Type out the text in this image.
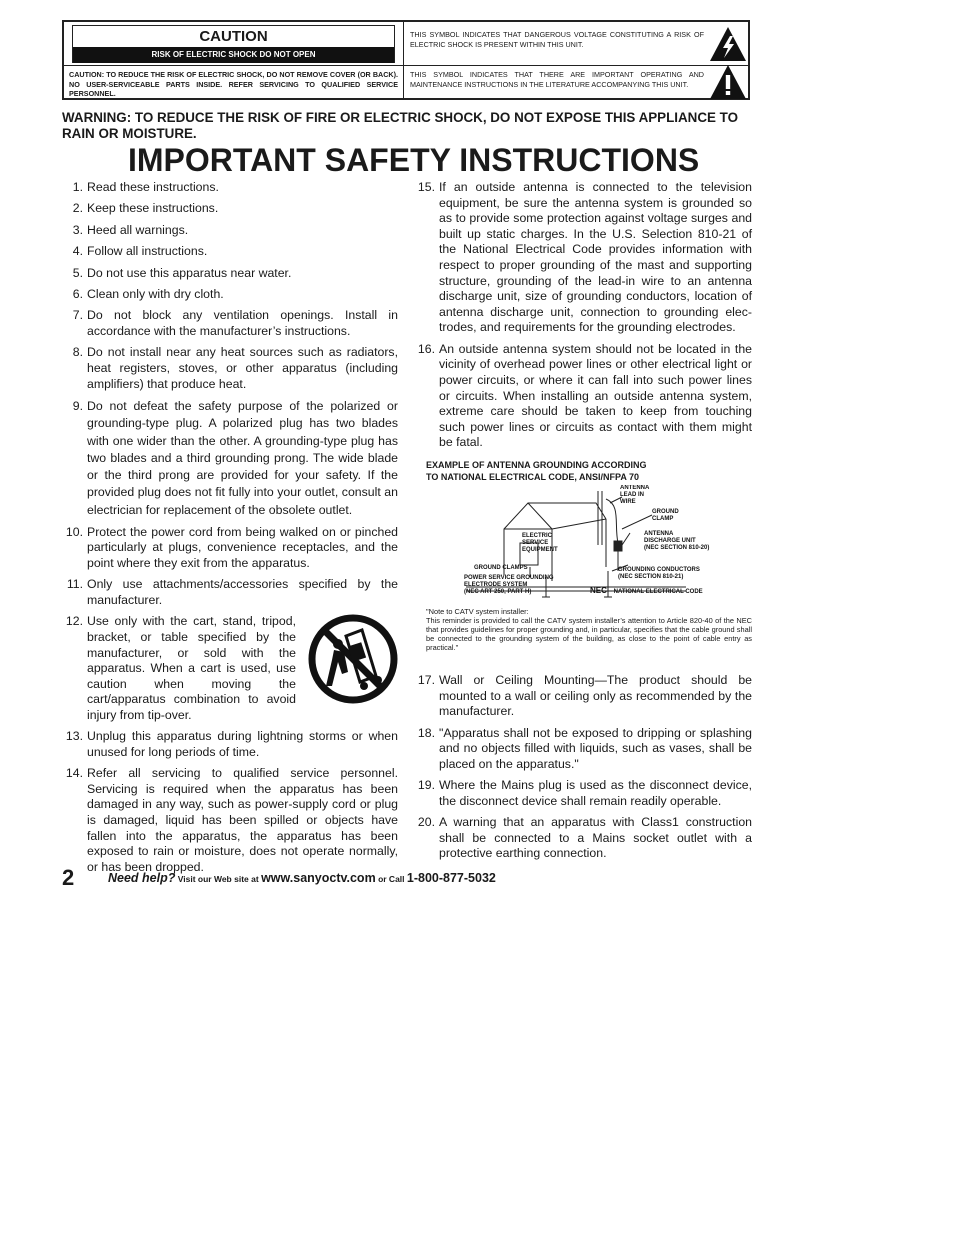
CAUTION
RISK OF ELECTRIC SHOCK DO NOT OPEN
CAUTION: TO REDUCE THE RISK OF ELECTRIC SHOCK, DO NOT REMOVE COVER (OR BACK). NO USER-SERVICEABLE PARTS INSIDE. REFER SERVICING TO QUALIFIED SERVICE PERSONNEL.
THIS SYMBOL INDICATES THAT DANGEROUS VOLTAGE CONSTITUTING A RISK OF ELECTRIC SHOCK IS PRESENT WITHIN THIS UNIT.
THIS SYMBOL INDICATES THAT THERE ARE IMPORTANT OPERATING AND MAINTENANCE INSTRUCTIONS IN THE LITERATURE ACCOMPANYING THIS UNIT.
WARNING: TO REDUCE THE RISK OF FIRE OR ELECTRIC SHOCK, DO NOT EXPOSE THIS APPLIANCE TO RAIN OR MOISTURE.
IMPORTANT SAFETY INSTRUCTIONS
1. Read these instructions.
2. Keep these instructions.
3. Heed all warnings.
4. Follow all instructions.
5. Do not use this apparatus near water.
6. Clean only with dry cloth.
7. Do not block any ventilation openings. Install in accordance with the manufacturer’s instructions.
8. Do not install near any heat sources such as radiators, heat registers, stoves, or other apparatus (including amplifiers) that produce heat.
9. Do not defeat the safety purpose of the polarized or grounding-type plug. A polarized plug has two blades with one wider than the other. A grounding-type plug has two blades and a third grounding prong. The wide blade or the third prong are provided for your safety. If the provided plug does not fit fully into your outlet, consult an electrician for replacement of the obsolete outlet.
10. Protect the power cord from being walked on or pinched particularly at plugs, convenience receptacles, and the point where they exit from the apparatus.
11. Only use attachments/accessories specified by the manufacturer.
12. Use only with the cart, stand, tripod, bracket, or table specified by the manufacturer, or sold with the apparatus. When a cart is used, use caution when moving the cart/apparatus combination to avoid injury from tip-over.
13. Unplug this apparatus during lightning storms or when unused for long periods of time.
14. Refer all servicing to qualified service personnel. Servicing is required when the apparatus has been damaged in any way, such as power-supply cord or plug is damaged, liquid has been spilled or objects have fallen into the apparatus, the apparatus has been exposed to rain or moisture, does not operate normally, or has been dropped.
15. If an outside antenna is connected to the television equipment, be sure the antenna system is grounded so as to provide some protection against voltage surges and built up static charges. In the U.S. Selection 810-21 of the National Electrical Code provides information with respect to proper grounding of the mast and supporting structure, grounding of the lead-in wire to an antenna discharge unit, size of grounding conductors, location of antenna discharge unit, connection to grounding elec-trodes, and requirements for the grounding electrodes.
16. An outside antenna system should not be located in the vicinity of overhead power lines or other electrical light or power circuits, or where it can fall into such power lines or circuits. When installing an outside antenna system, extreme care should be taken to keep from touching such power lines or circuits as contact with them might be fatal.
EXAMPLE OF ANTENNA GROUNDING ACCORDING
TO NATIONAL ELECTRICAL CODE, ANSI/NFPA 70
ANTENNA
LEAD IN
WIRE
GROUND
CLAMP
ANTENNA
DISCHARGE UNIT
(NEC SECTION 810-20)
ELECTRIC
SERVICE
EQUIPMENT
GROUND CLAMPS	GROUNDING CONDUCTORS
(NEC SECTION 810-21)
POWER SERVICE GROUNDING
ELECTRODE SYSTEM
(NEC ART 250, PART H)	NEC - NATIONAL ELECTRICAL CODE
"Note to CATV system installer:
This reminder is provided to call the CATV system installer’s attention to Article 820-40 of the NEC that provides guidelines for proper grounding and, in particular, specifies that the cable ground shall be connected to the grounding system of the building, as close to the point of cable entry as practical."
17. Wall or Ceiling Mounting—The product should be mounted to a wall or ceiling only as recommended by the manufacturer.
18. "Apparatus shall not be exposed to dripping or splashing and no objects filled with liquids, such as vases, shall be placed on the apparatus."
19. Where the Mains plug is used as the disconnect device, the disconnect device shall remain readily operable.
20. A warning that an apparatus with Class1 construction shall be connected to a Mains socket outlet with a protective earthing connection.
2	Need help? Visit our Web site at www.sanyoctv.com or Call 1-800-877-5032
